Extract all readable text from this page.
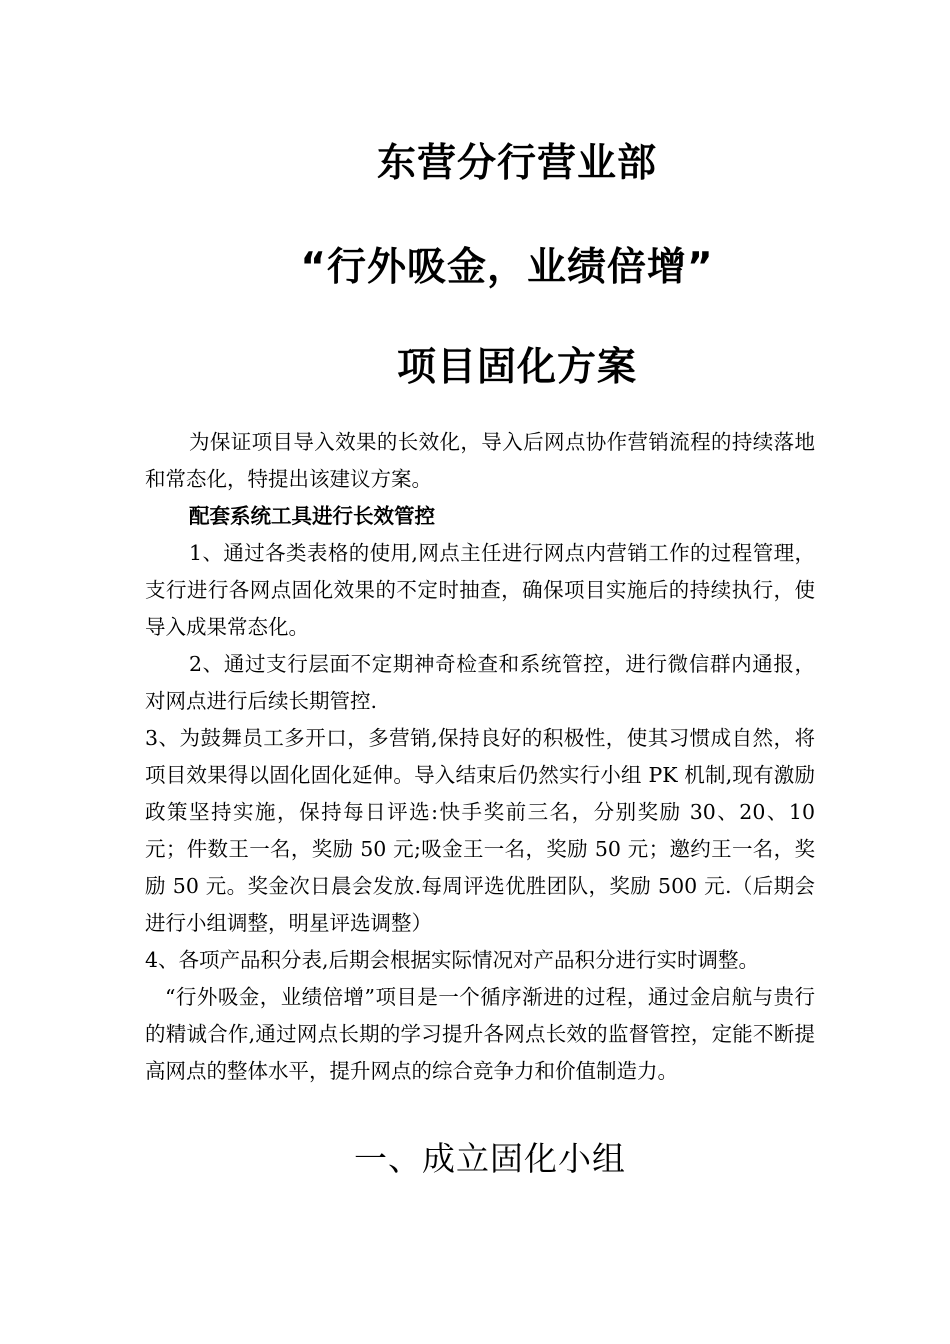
东营分行营业部
“行外吸金，业绩倍增”
项目固化方案

为保证项目导入效果的长效化，导入后网点协作营销流程的持续落地和常态化，特提出该建议方案。

配套系统工具进行长效管控

1、通过各类表格的使用,网点主任进行网点内营销工作的过程管理，支行进行各网点固化效果的不定时抽查，确保项目实施后的持续执行，使导入成果常态化。

2、通过支行层面不定期神奇检查和系统管控，进行微信群内通报，对网点进行后续长期管控.

3、为鼓舞员工多开口，多营销,保持良好的积极性，使其习惯成自然，将项目效果得以固化固化延伸。导入结束后仍然实行小组 PK 机制,现有激励政策坚持实施，保持每日评选:快手奖前三名，分别奖励 30、20、10 元；件数王一名，奖励 50 元;吸金王一名，奖励 50 元；邀约王一名，奖励 50 元。奖金次日晨会发放.每周评选优胜团队，奖励 500 元.（后期会进行小组调整，明星评选调整）

4、各项产品积分表,后期会根据实际情况对产品积分进行实时调整。

“行外吸金，业绩倍增”项目是一个循序渐进的过程，通过金启航与贵行的精诚合作,通过网点长期的学习提升各网点长效的监督管控，定能不断提高网点的整体水平，提升网点的综合竞争力和价值制造力。

一、成立固化小组
